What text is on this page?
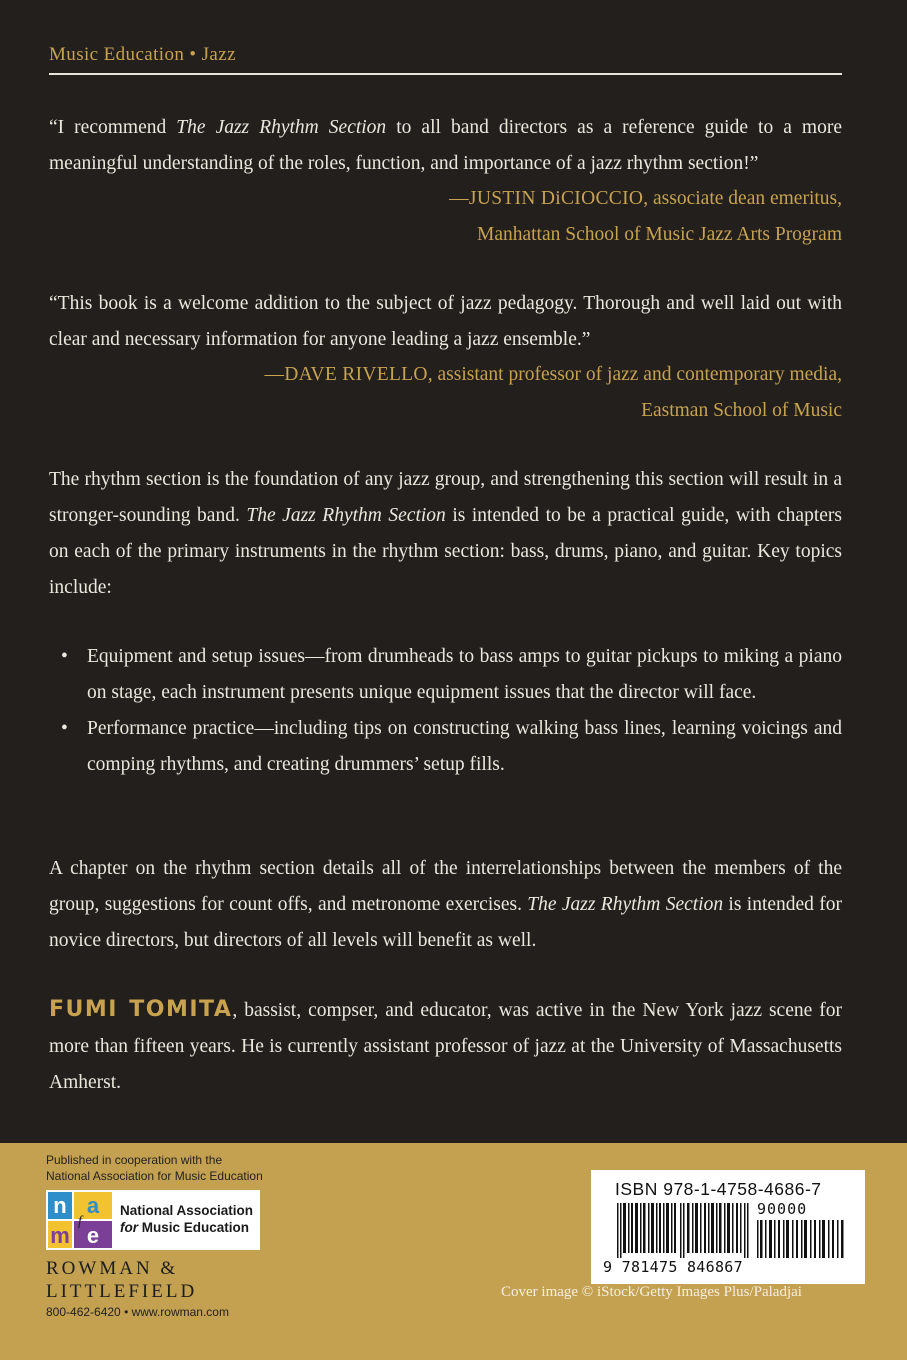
Music Education • Jazz
“I recommend The Jazz Rhythm Section to all band directors as a reference guide to a more meaningful understanding of the roles, function, and importance of a jazz rhythm section!”
—JUSTIN DiCIOCCIO, associate dean emeritus,
Manhattan School of Music Jazz Arts Program
“This book is a welcome addition to the subject of jazz pedagogy. Thorough and well laid out with clear and necessary information for anyone leading a jazz ensemble.”
—DAVE RIVELLO, assistant professor of jazz and contemporary media,
Eastman School of Music
The rhythm section is the foundation of any jazz group, and strengthening this section will result in a stronger-sounding band. The Jazz Rhythm Section is intended to be a practical guide, with chapters on each of the primary instruments in the rhythm section: bass, drums, piano, and guitar. Key topics include:
• Equipment and setup issues—from drumheads to bass amps to guitar pickups to miking a piano on stage, each instrument presents unique equipment issues that the director will face.
• Performance practice—including tips on constructing walking bass lines, learning voicings and comping rhythms, and creating drummers’ setup fills.
A chapter on the rhythm section details all of the interrelationships between the members of the group, suggestions for count offs, and metronome exercises. The Jazz Rhythm Section is intended for novice directors, but directors of all levels will benefit as well.
FUMI TOMITA, bassist, compser, and educator, was active in the New York jazz scene for more than fifteen years. He is currently assistant professor of jazz at the University of Massachusetts Amherst.
Published in cooperation with the
National Association for Music Education
n a
f
m e
National Association
for Music Education
ROWMAN &
LITTLEFIELD
800-462-6420 • www.rowman.com
ISBN 978-1-4758-4686-7
90000
9 781475 846867
Cover image © iStock/Getty Images Plus/Paladjai
